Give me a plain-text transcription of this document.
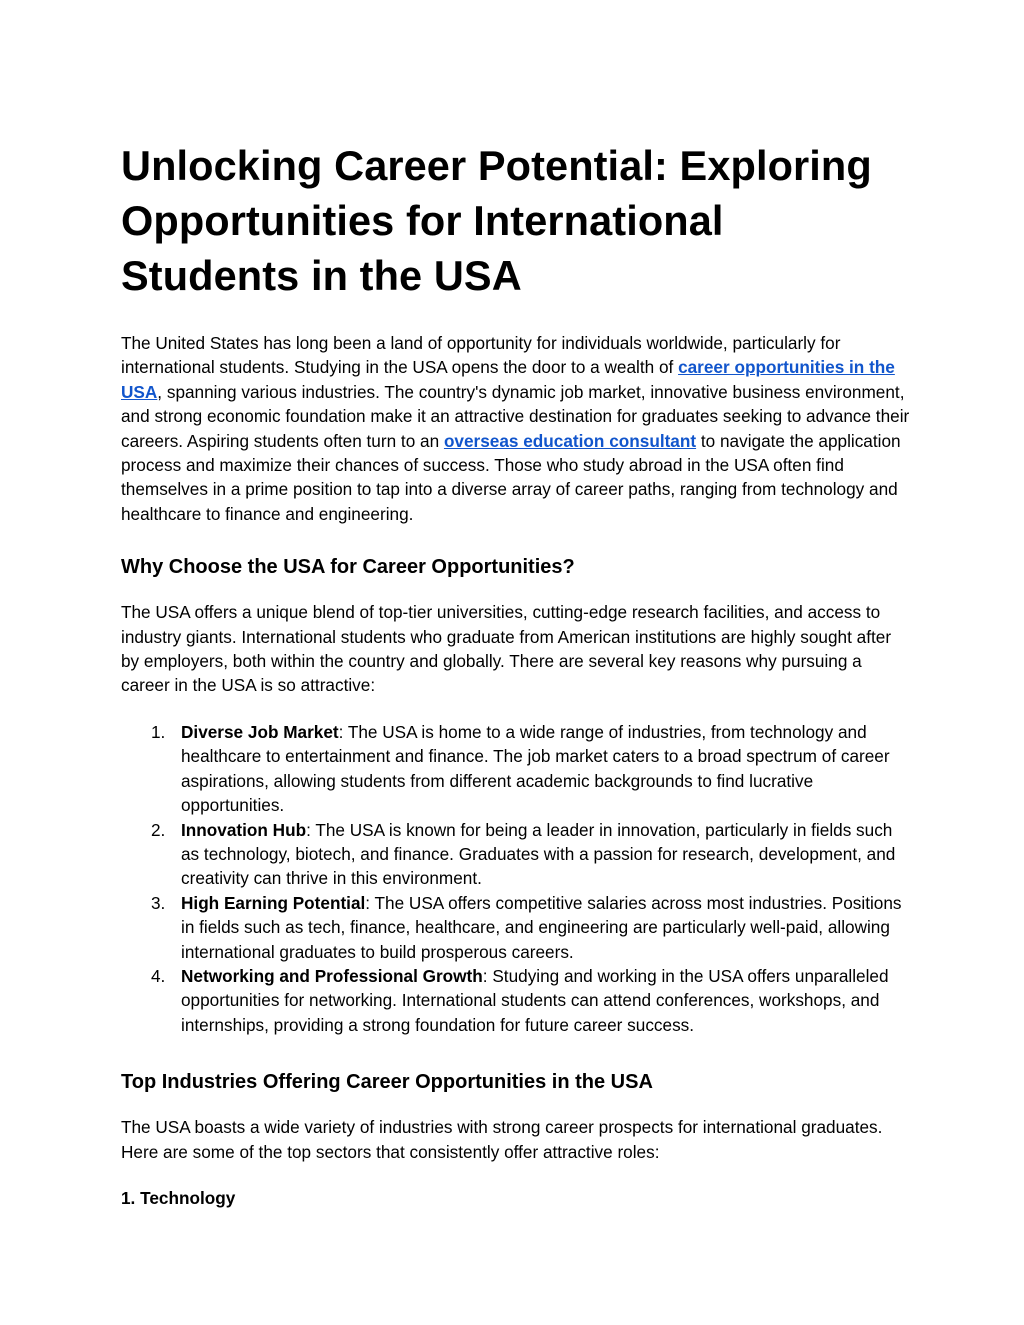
Unlocking Career Potential: Exploring Opportunities for International Students in the USA

The United States has long been a land of opportunity for individuals worldwide, particularly for international students. Studying in the USA opens the door to a wealth of career opportunities in the USA, spanning various industries. The country's dynamic job market, innovative business environment, and strong economic foundation make it an attractive destination for graduates seeking to advance their careers. Aspiring students often turn to an overseas education consultant to navigate the application process and maximize their chances of success. Those who study abroad in the USA often find themselves in a prime position to tap into a diverse array of career paths, ranging from technology and healthcare to finance and engineering.

Why Choose the USA for Career Opportunities?

The USA offers a unique blend of top-tier universities, cutting-edge research facilities, and access to industry giants. International students who graduate from American institutions are highly sought after by employers, both within the country and globally. There are several key reasons why pursuing a career in the USA is so attractive:

1. Diverse Job Market: The USA is home to a wide range of industries, from technology and healthcare to entertainment and finance. The job market caters to a broad spectrum of career aspirations, allowing students from different academic backgrounds to find lucrative opportunities.
2. Innovation Hub: The USA is known for being a leader in innovation, particularly in fields such as technology, biotech, and finance. Graduates with a passion for research, development, and creativity can thrive in this environment.
3. High Earning Potential: The USA offers competitive salaries across most industries. Positions in fields such as tech, finance, healthcare, and engineering are particularly well-paid, allowing international graduates to build prosperous careers.
4. Networking and Professional Growth: Studying and working in the USA offers unparalleled opportunities for networking. International students can attend conferences, workshops, and internships, providing a strong foundation for future career success.
Top Industries Offering Career Opportunities in the USA

The USA boasts a wide variety of industries with strong career prospects for international graduates. Here are some of the top sectors that consistently offer attractive roles:

1. Technology
